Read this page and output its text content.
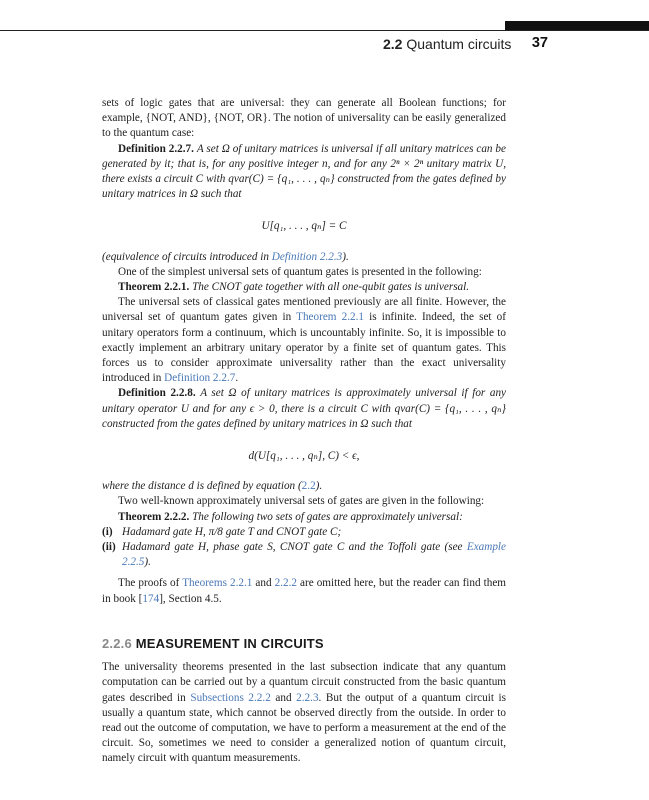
2.2 Quantum circuits 37

sets of logic gates that are universal: they can generate all Boolean functions; for example, {NOT, AND}, {NOT, OR}. The notion of universality can be easily generalized to the quantum case:

Definition 2.2.7. A set Ω of unitary matrices is universal if all unitary matrices can be generated by it; that is, for any positive integer n, and for any 2ⁿ × 2ⁿ unitary matrix U, there exists a circuit C with qvar(C) = {q₁, . . . , qₙ} constructed from the gates defined by unitary matrices in Ω such that

U[q₁, . . . , qₙ] = C

(equivalence of circuits introduced in Definition 2.2.3).

One of the simplest universal sets of quantum gates is presented in the following:

Theorem 2.2.1. The CNOT gate together with all one-qubit gates is universal.

The universal sets of classical gates mentioned previously are all finite. However, the universal set of quantum gates given in Theorem 2.2.1 is infinite. Indeed, the set of unitary operators form a continuum, which is uncountably infinite. So, it is impossible to exactly implement an arbitrary unitary operator by a finite set of quantum gates. This forces us to consider approximate universality rather than the exact universality introduced in Definition 2.2.7.

Definition 2.2.8. A set Ω of unitary matrices is approximately universal if for any unitary operator U and for any ϵ > 0, there is a circuit C with qvar(C) = {q₁, . . . , qₙ} constructed from the gates defined by unitary matrices in Ω such that

d(U[q₁, . . . , qₙ], C) < ϵ,

where the distance d is defined by equation (2.2).

Two well-known approximately universal sets of gates are given in the following:

Theorem 2.2.2. The following two sets of gates are approximately universal:

(i) Hadamard gate H, π/8 gate T and CNOT gate C;

(ii) Hadamard gate H, phase gate S, CNOT gate C and the Toffoli gate (see Example 2.2.5).

The proofs of Theorems 2.2.1 and 2.2.2 are omitted here, but the reader can find them in book [174], Section 4.5.

2.2.6 MEASUREMENT IN CIRCUITS

The universality theorems presented in the last subsection indicate that any quantum computation can be carried out by a quantum circuit constructed from the basic quantum gates described in Subsections 2.2.2 and 2.2.3. But the output of a quantum circuit is usually a quantum state, which cannot be observed directly from the outside. In order to read out the outcome of computation, we have to perform a measurement at the end of the circuit. So, sometimes we need to consider a generalized notion of quantum circuit, namely circuit with quantum measurements.
